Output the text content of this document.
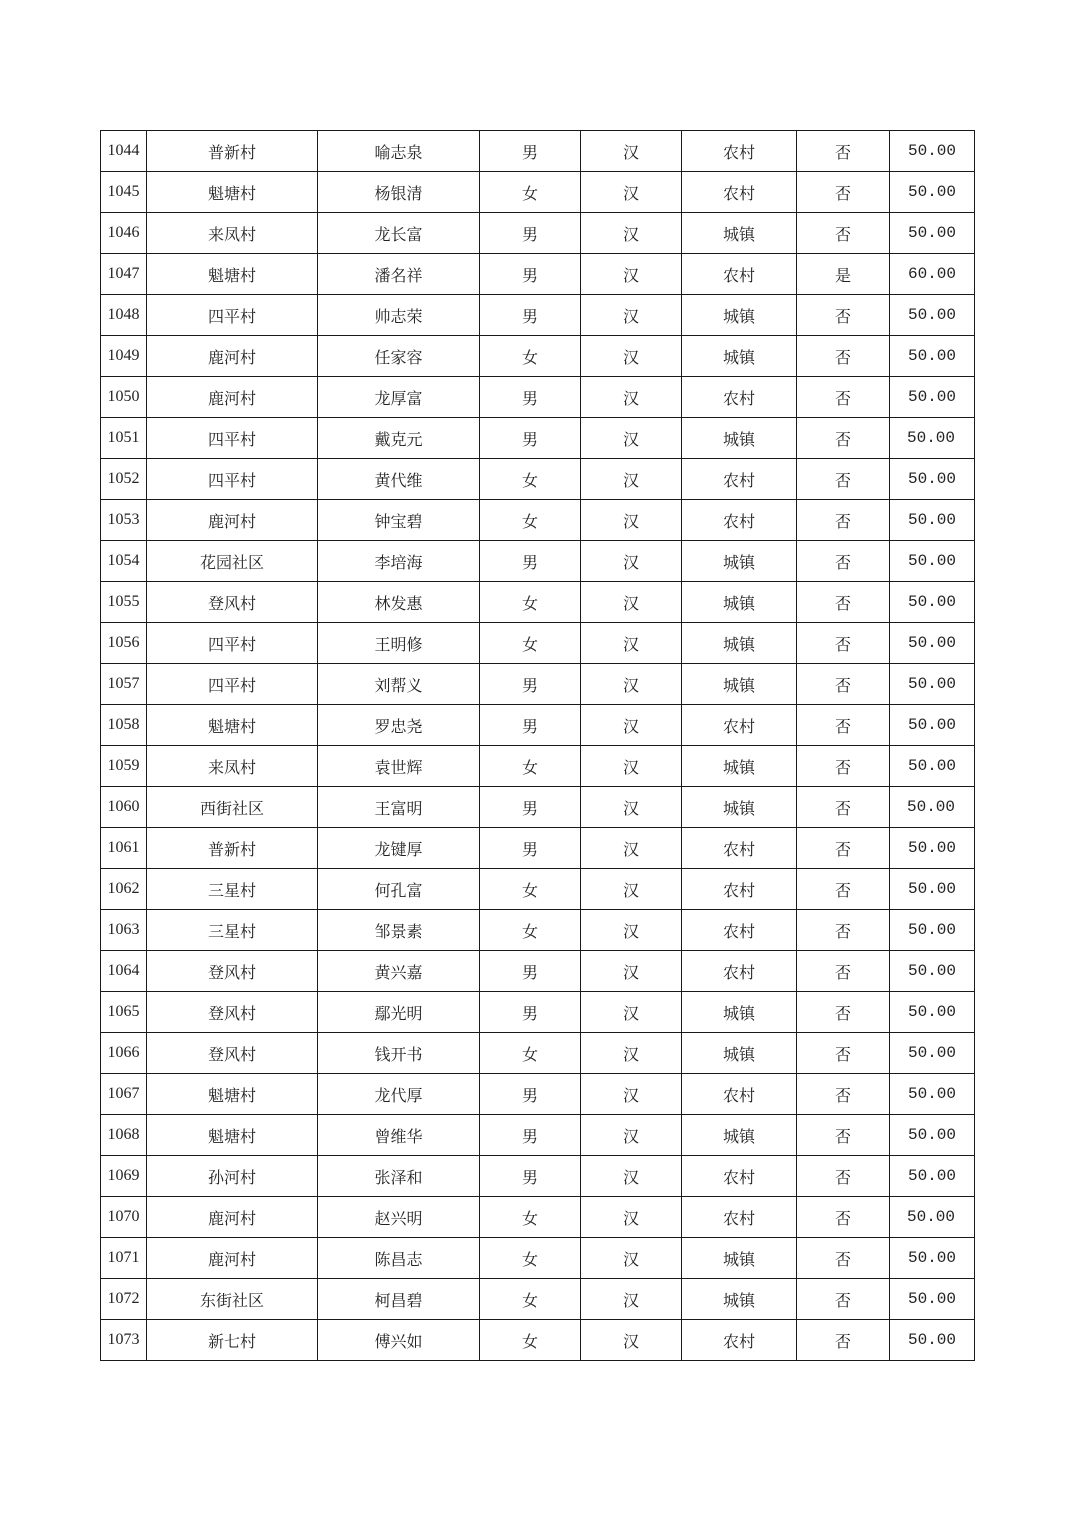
1044	普新村	喻志泉	男	汉	农村	否	50.00
1045	魁塘村	杨银清	女	汉	农村	否	50.00
1046	来凤村	龙长富	男	汉	城镇	否	50.00
1047	魁塘村	潘名祥	男	汉	农村	是	60.00
1048	四平村	帅志荣	男	汉	城镇	否	50.00
1049	鹿河村	任家容	女	汉	城镇	否	50.00
1050	鹿河村	龙厚富	男	汉	农村	否	50.00
1051	四平村	戴克元	男	汉	城镇	否	50.00
1052	四平村	黄代维	女	汉	农村	否	50.00
1053	鹿河村	钟宝碧	女	汉	农村	否	50.00
1054	花园社区	李培海	男	汉	城镇	否	50.00
1055	登风村	林发惠	女	汉	城镇	否	50.00
1056	四平村	王明修	女	汉	城镇	否	50.00
1057	四平村	刘帮义	男	汉	城镇	否	50.00
1058	魁塘村	罗忠尧	男	汉	农村	否	50.00
1059	来凤村	袁世辉	女	汉	城镇	否	50.00
1060	西街社区	王富明	男	汉	城镇	否	50.00
1061	普新村	龙键厚	男	汉	农村	否	50.00
1062	三星村	何孔富	女	汉	农村	否	50.00
1063	三星村	邹景素	女	汉	农村	否	50.00
1064	登风村	黄兴嘉	男	汉	农村	否	50.00
1065	登风村	鄢光明	男	汉	城镇	否	50.00
1066	登风村	钱开书	女	汉	城镇	否	50.00
1067	魁塘村	龙代厚	男	汉	农村	否	50.00
1068	魁塘村	曾维华	男	汉	城镇	否	50.00
1069	孙河村	张泽和	男	汉	农村	否	50.00
1070	鹿河村	赵兴明	女	汉	农村	否	50.00
1071	鹿河村	陈昌志	女	汉	城镇	否	50.00
1072	东街社区	柯昌碧	女	汉	城镇	否	50.00
1073	新七村	傅兴如	女	汉	农村	否	50.00
